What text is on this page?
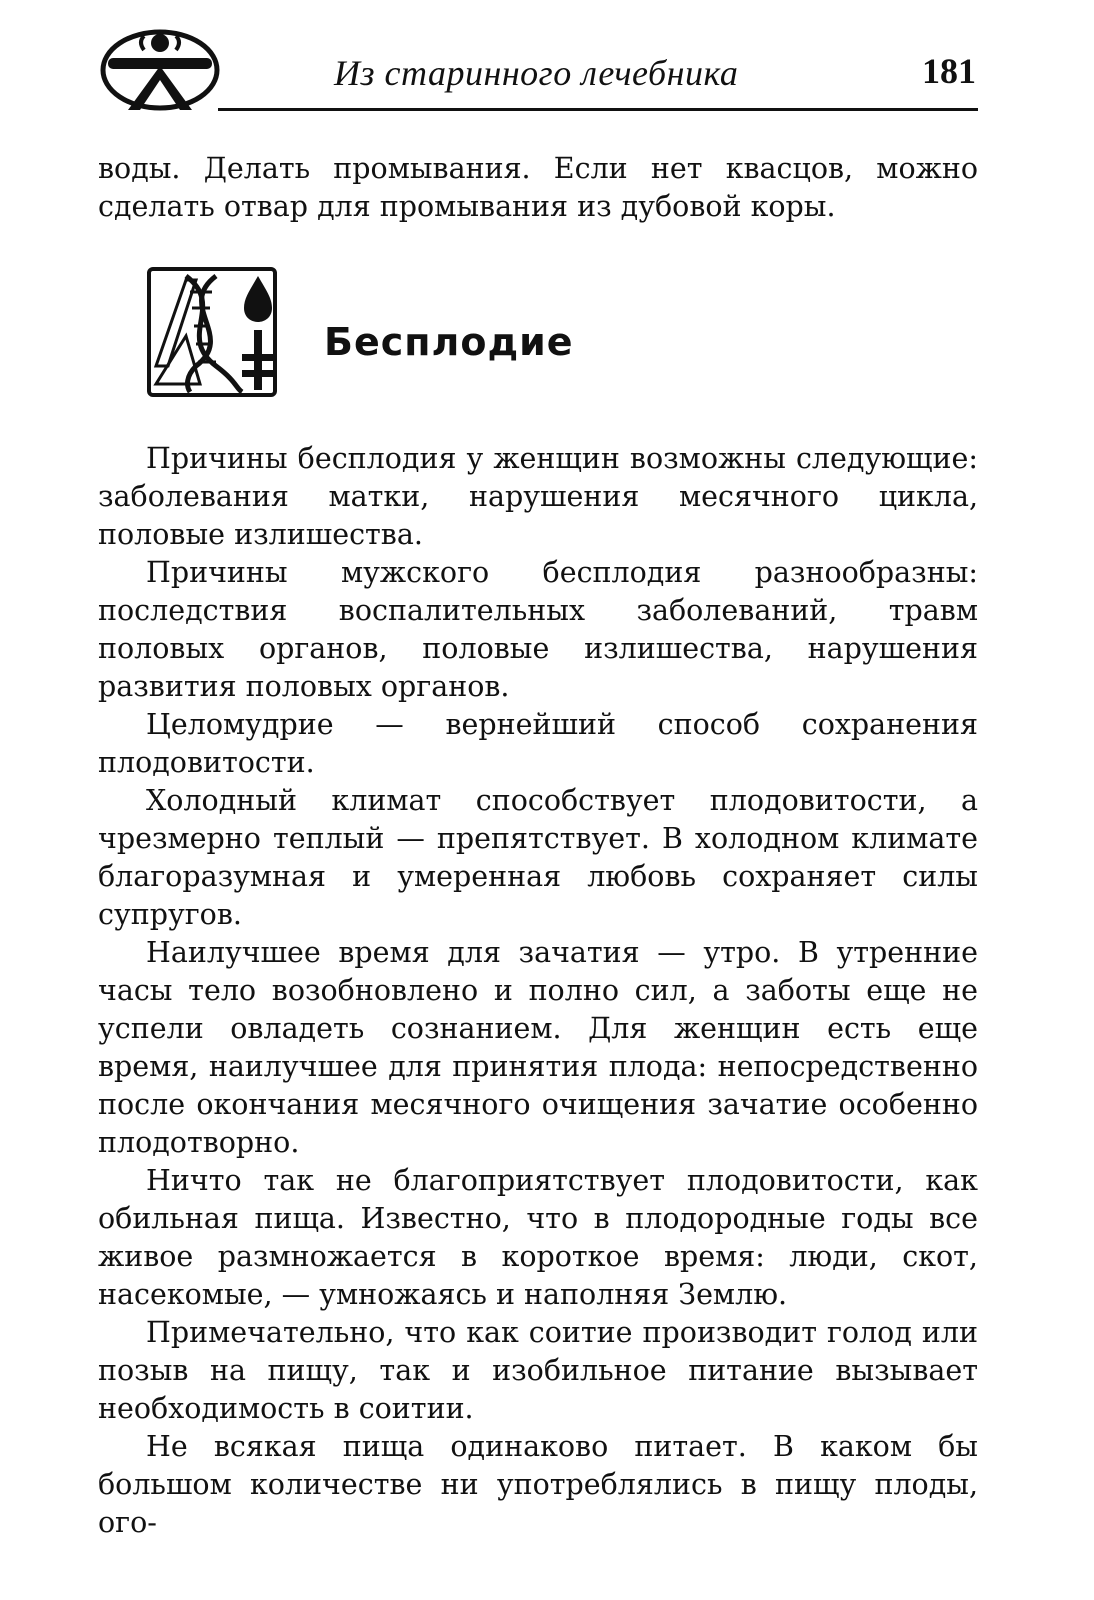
Из старинного лечебника	181

воды. Делать промывания. Если нет квасцов, можно сделать отвар для промывания из дубовой коры.

Бесплодие

Причины бесплодия у женщин возможны следующие: заболевания матки, нарушения месячного цикла, половые излишества.

Причины мужского бесплодия разнообразны: последствия воспалительных заболеваний, травм половых органов, половые излишества, нарушения развития половых органов.

Целомудрие — вернейший способ сохранения плодовитости.

Холодный климат способствует плодовитости, а чрезмерно теплый — препятствует. В холодном климате благоразумная и умеренная любовь сохраняет силы супругов.

Наилучшее время для зачатия — утро. В утренние часы тело возобновлено и полно сил, а заботы еще не успели овладеть сознанием. Для женщин есть еще время, наилучшее для принятия плода: непосредственно после окончания месячного очищения зачатие особенно плодотворно.

Ничто так не благоприятствует плодовитости, как обильная пища. Известно, что в плодородные годы все живое размножается в короткое время: люди, скот, насекомые, — умножаясь и наполняя Землю.

Примечательно, что как соитие производит голод или позыв на пищу, так и изобильное питание вызывает необходимость в соитии.

Не всякая пища одинаково питает. В каком бы большом количестве ни употреблялись в пищу плоды, ого-
